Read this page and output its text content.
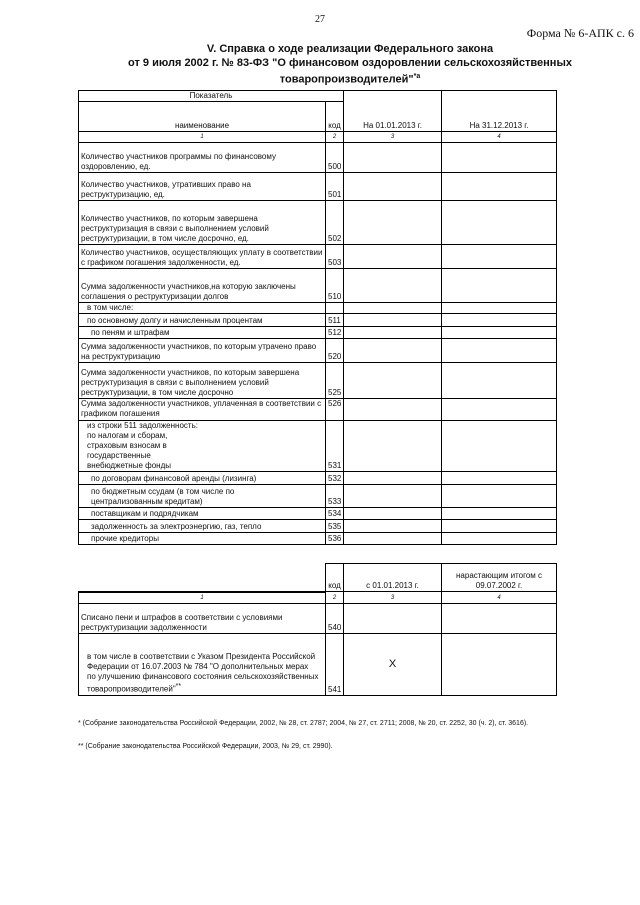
27
Форма № 6-АПК с. 6
V. Справка о ходе реализации Федерального закона
от 9 июля 2002 г. № 83-ФЗ "О финансовом оздоровлении сельскохозяйственных
товаропроизводителей"$^{*а}$
Показатель		На 01.01.2013 г.	На 31.12.2013 г.
наименование	код		
1	2	3	4
Количество участников программы по финансовому оздоровлению, ед.	500		
Количество участников, утративших право на реструктуризацию, ед.	501		
Количество участников, по которым завершена реструктуризация в связи с выполнением условий реструктуризации, в том числе досрочно, ед.	502		
Количество участников, осуществляющих уплату в соответствии с графиком погашения задолженности, ед.	503		
Сумма задолженности участников,на которую заключены соглашения о реструктуризации долгов	510		
в том числе:			
по основному долгу и начисленным процентам	511		
по пеням и штрафам	512		
Сумма задолженности участников, по которым утрачено право на реструктуризацию	520		
Сумма задолженности участников, по которым завершена реструктуризация в связи с выполнением условий реструктуризации, в том числе досрочно	525		
Сумма задолженности участников, уплаченная в соответствии с графиком погашения	526		
из строки 511 задолженность: по налогам и сборам, страховым взносам в государственные внебюджетные фонды	531		
по договорам финансовой аренды (лизинга)	532		
по бюджетным ссудам (в том числе по централизованным кредитам)	533		
поставщикам и подрядчикам	534		
задолженность за электроэнергию, газ, тепло	535		
прочие кредиторы	536		
	код	с 01.01.2013 г.	нарастающим итогом с 09.07.2002 г.
1	2	3	4
Списано пени и штрафов в соответствии с условиями реструктуризации задолженности	540		
в том числе в соответствии с Указом Президента Российской Федерации от 16.07.2003 № 784 "О дополнительных мерах по улучшению финансового состояния сельскохозяйственных товаропроизводителей"**	541	X	
* (Собрание законодательства Российской Федерации, 2002, № 28, ст. 2787; 2004, № 27, ст. 2711; 2008, № 20, ст. 2252, 30 (ч. 2), ст. 3616).
** (Собрание законодательства Российской Федерации, 2003, № 29, ст. 2990).
